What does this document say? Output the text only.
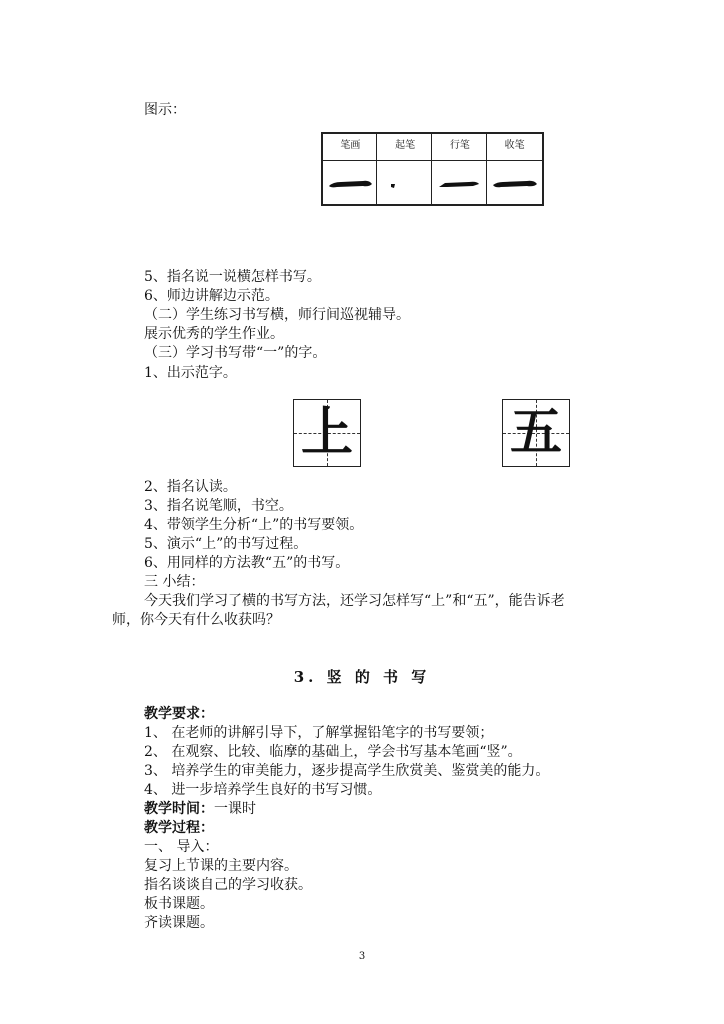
图示：
笔画	起笔	行笔	收笔
5、指名说一说横怎样书写。
6、师边讲解边示范。
（二）学生练习书写横，师行间巡视辅导。
展示优秀的学生作业。
（三）学习书写带“一”的字。
1、出示范字。
上	五
2、指名认读。
3、指名说笔顺，书空。
4、带领学生分析“上”的书写要领。
5、演示“上”的书写过程。
6、用同样的方法教“五”的书写。
三 小结：
今天我们学习了横的书写方法，还学习怎样写“上”和“五”，能告诉老
师，你今天有什么收获吗？
3. 竖 的 书 写
教学要求：
1、 在老师的讲解引导下，了解掌握铅笔字的书写要领；
2、 在观察、比较、临摩的基础上，学会书写基本笔画“竖”。
3、 培养学生的审美能力，逐步提高学生欣赏美、鉴赏美的能力。
4、 进一步培养学生良好的书写习惯。
教学时间：一课时
教学过程：
一、 导入：
复习上节课的主要内容。
指名谈谈自己的学习收获。
板书课题。
齐读课题。
3
